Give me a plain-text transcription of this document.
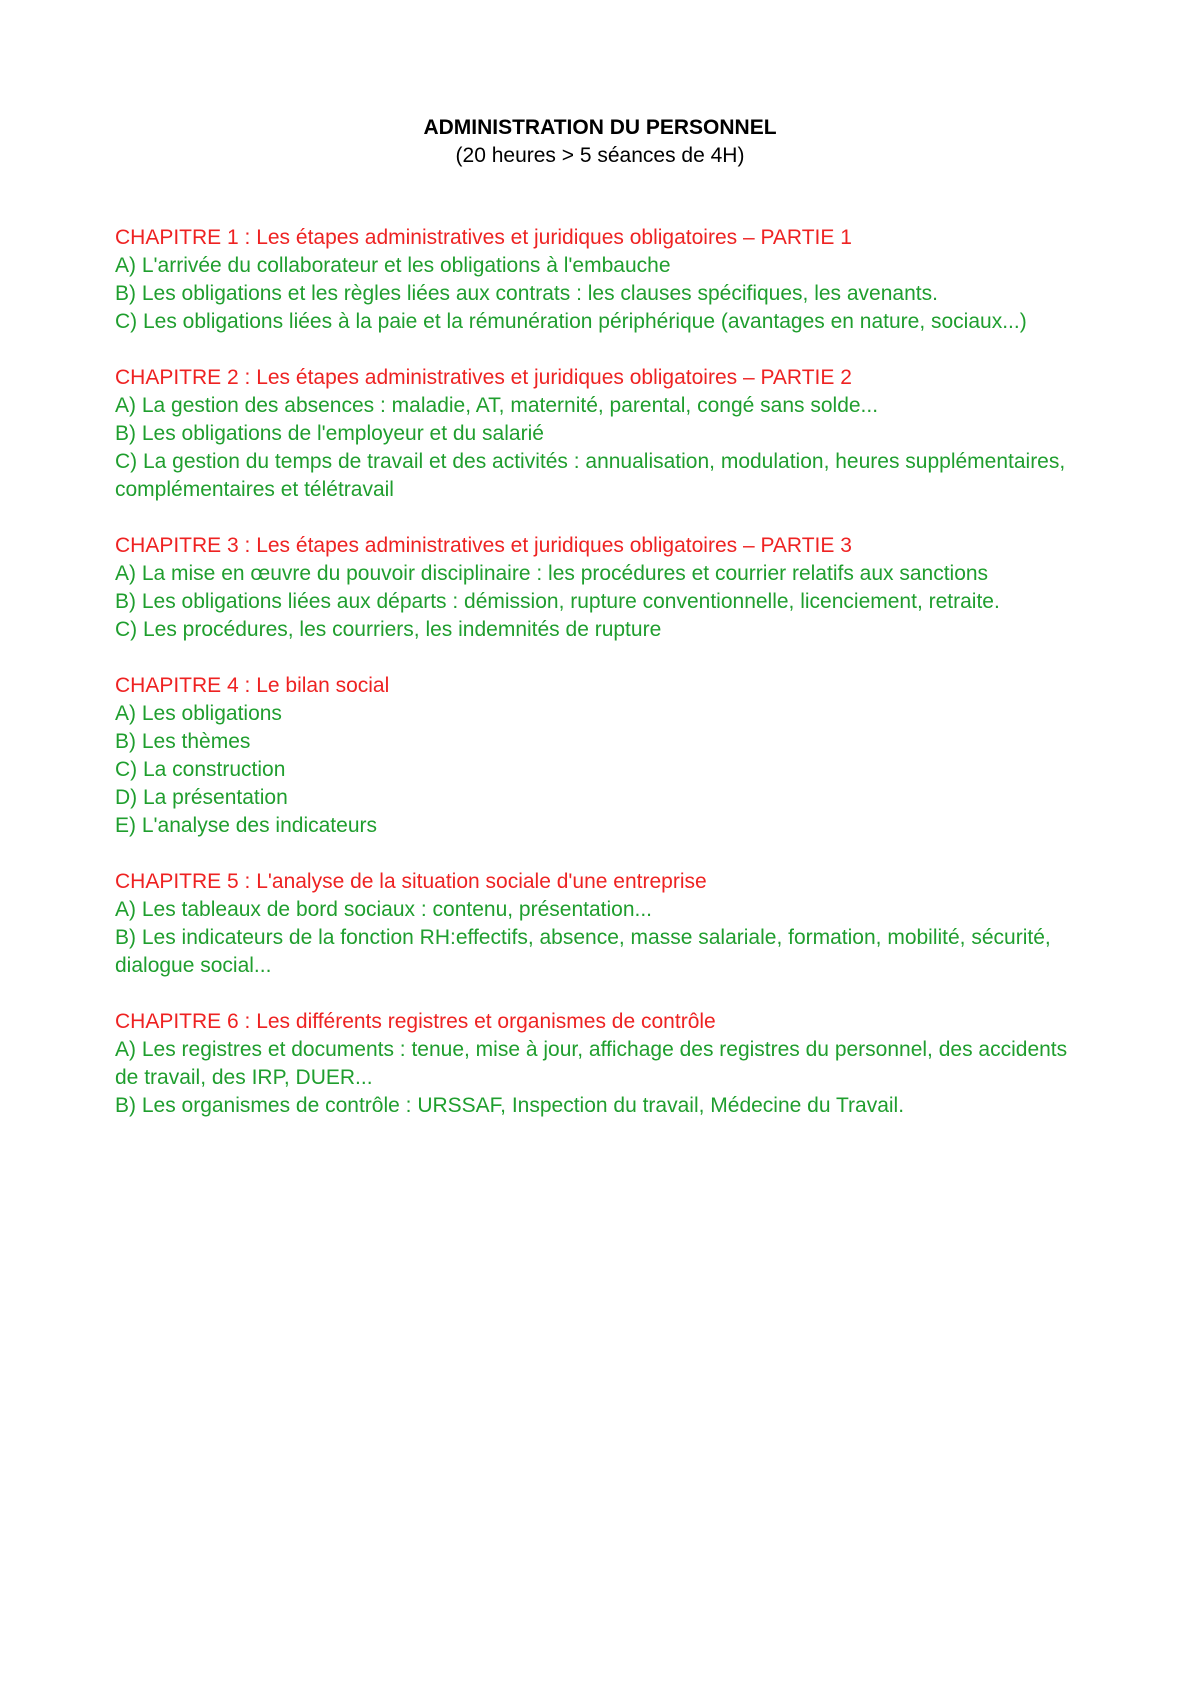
ADMINISTRATION DU PERSONNEL

(20 heures > 5 séances de 4H)

CHAPITRE 1 : Les étapes administratives et juridiques obligatoires – PARTIE 1

A) L'arrivée du collaborateur et les obligations à l'embauche

B) Les obligations et les règles liées aux contrats : les clauses spécifiques, les avenants.

C) Les obligations liées à la paie et la rémunération périphérique (avantages en nature, sociaux...)

CHAPITRE 2 : Les étapes administratives et juridiques obligatoires – PARTIE 2

A) La gestion des absences : maladie, AT, maternité, parental, congé sans solde...

B) Les obligations de l'employeur et du salarié

C) La gestion du temps de travail et des activités : annualisation, modulation, heures supplémentaires, complémentaires et télétravail

CHAPITRE 3 : Les étapes administratives et juridiques obligatoires – PARTIE 3

A) La mise en œuvre du pouvoir disciplinaire : les procédures et courrier relatifs aux sanctions

B) Les obligations liées aux départs : démission, rupture conventionnelle, licenciement, retraite.

C) Les procédures, les courriers, les indemnités de rupture

CHAPITRE 4 : Le bilan social

A) Les obligations

B) Les thèmes

C) La construction

D) La présentation

E) L'analyse des indicateurs

CHAPITRE 5 : L'analyse de la situation sociale d'une entreprise

A) Les tableaux de bord sociaux : contenu, présentation...

B) Les indicateurs de la fonction RH:effectifs, absence, masse salariale, formation, mobilité, sécurité, dialogue social...

CHAPITRE 6 : Les différents registres et organismes de contrôle

A) Les registres et documents : tenue, mise à jour, affichage des registres du personnel, des accidents de travail, des IRP, DUER...

B) Les organismes de contrôle : URSSAF, Inspection du travail, Médecine du Travail.
